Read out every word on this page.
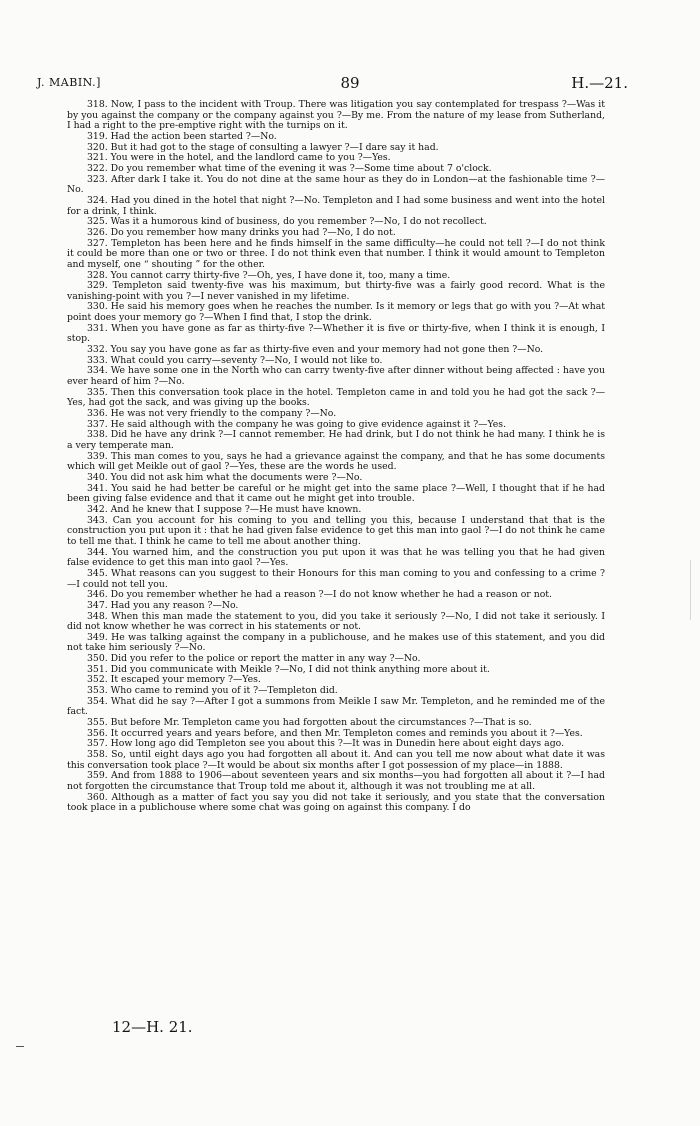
J. MABIN.]	89	H.—21.

318. Now, I pass to the incident with Troup. There was litigation you say contemplated for trespass ?—Was it by you against the company or the company against you ?—By me. From the nature of my lease from Sutherland, I had a right to the pre-emptive right with the turnips on it.

319. Had the action been started ?—No.

320. But it had got to the stage of consulting a lawyer ?—I dare say it had.

321. You were in the hotel, and the landlord came to you ?—Yes.

322. Do you remember what time of the evening it was ?—Some time about 7 o'clock.

323. After dark I take it. You do not dine at the same hour as they do in London—at the fashionable time ?—No.

324. Had you dined in the hotel that night ?—No. Templeton and I had some business and went into the hotel for a drink, I think.

325. Was it a humorous kind of business, do you remember ?—No, I do not recollect.

326. Do you remember how many drinks you had ?—No, I do not.

327. Templeton has been here and he finds himself in the same difficulty—he could not tell ?—I do not think it could be more than one or two or three. I do not think even that number. I think it would amount to Templeton and myself, one “ shouting ” for the other.

328. You cannot carry thirty-five ?—Oh, yes, I have done it, too, many a time.

329. Templeton said twenty-five was his maximum, but thirty-five was a fairly good record. What is the vanishing-point with you ?—I never vanished in my lifetime.

330. He said his memory goes when he reaches the number. Is it memory or legs that go with you ?—At what point does your memory go ?—When I find that, I stop the drink.

331. When you have gone as far as thirty-five ?—Whether it is five or thirty-five, when I think it is enough, I stop.

332. You say you have gone as far as thirty-five even and your memory had not gone then ?—No.

333. What could you carry—seventy ?—No, I would not like to.

334. We have some one in the North who can carry twenty-five after dinner without being affected : have you ever heard of him ?—No.

335. Then this conversation took place in the hotel. Templeton came in and told you he had got the sack ?—Yes, had got the sack, and was giving up the books.

336. He was not very friendly to the company ?—No.

337. He said although with the company he was going to give evidence against it ?—Yes.

338. Did he have any drink ?—I cannot remember. He had drink, but I do not think he had many. I think he is a very temperate man.

339. This man comes to you, says he had a grievance against the company, and that he has some documents which will get Meikle out of gaol ?—Yes, these are the words he used.

340. You did not ask him what the documents were ?—No.

341. You said he had better be careful or he might get into the same place ?—Well, I thought that if he had been giving false evidence and that it came out he might get into trouble.

342. And he knew that I suppose ?—He must have known.

343. Can you account for his coming to you and telling you this, because I understand that that is the construction you put upon it : that he had given false evidence to get this man into gaol ?—I do not think he came to tell me that. I think he came to tell me about another thing.

344. You warned him, and the construction you put upon it was that he was telling you that he had given false evidence to get this man into gaol ?—Yes.

345. What reasons can you suggest to their Honours for this man coming to you and confessing to a crime ?—I could not tell you.

346. Do you remember whether he had a reason ?—I do not know whether he had a reason or not.

347. Had you any reason ?—No.

348. When this man made the statement to you, did you take it seriously ?—No, I did not take it seriously. I did not know whether he was correct in his statements or not.

349. He was talking against the company in a publichouse, and he makes use of this statement, and you did not take him seriously ?—No.

350. Did you refer to the police or report the matter in any way ?—No.

351. Did you communicate with Meikle ?—No, I did not think anything more about it.

352. It escaped your memory ?—Yes.

353. Who came to remind you of it ?—Templeton did.

354. What did he say ?—After I got a summons from Meikle I saw Mr. Templeton, and he reminded me of the fact.

355. But before Mr. Templeton came you had forgotten about the circumstances ?—That is so.

356. It occurred years and years before, and then Mr. Templeton comes and reminds you about it ?—Yes.

357. How long ago did Templeton see you about this ?—It was in Dunedin here about eight days ago.

358. So, until eight days ago you had forgotten all about it. And can you tell me now about what date it was this conversation took place ?—It would be about six months after I got possession of my place—in 1888.

359. And from 1888 to 1906—about seventeen years and six months—you had forgotten all about it ?—I had not forgotten the circumstance that Troup told me about it, although it was not troubling me at all.

360. Although as a matter of fact you say you did not take it seriously, and you state that the conversation took place in a publichouse where some chat was going on against this company. I do

12—H. 21.
